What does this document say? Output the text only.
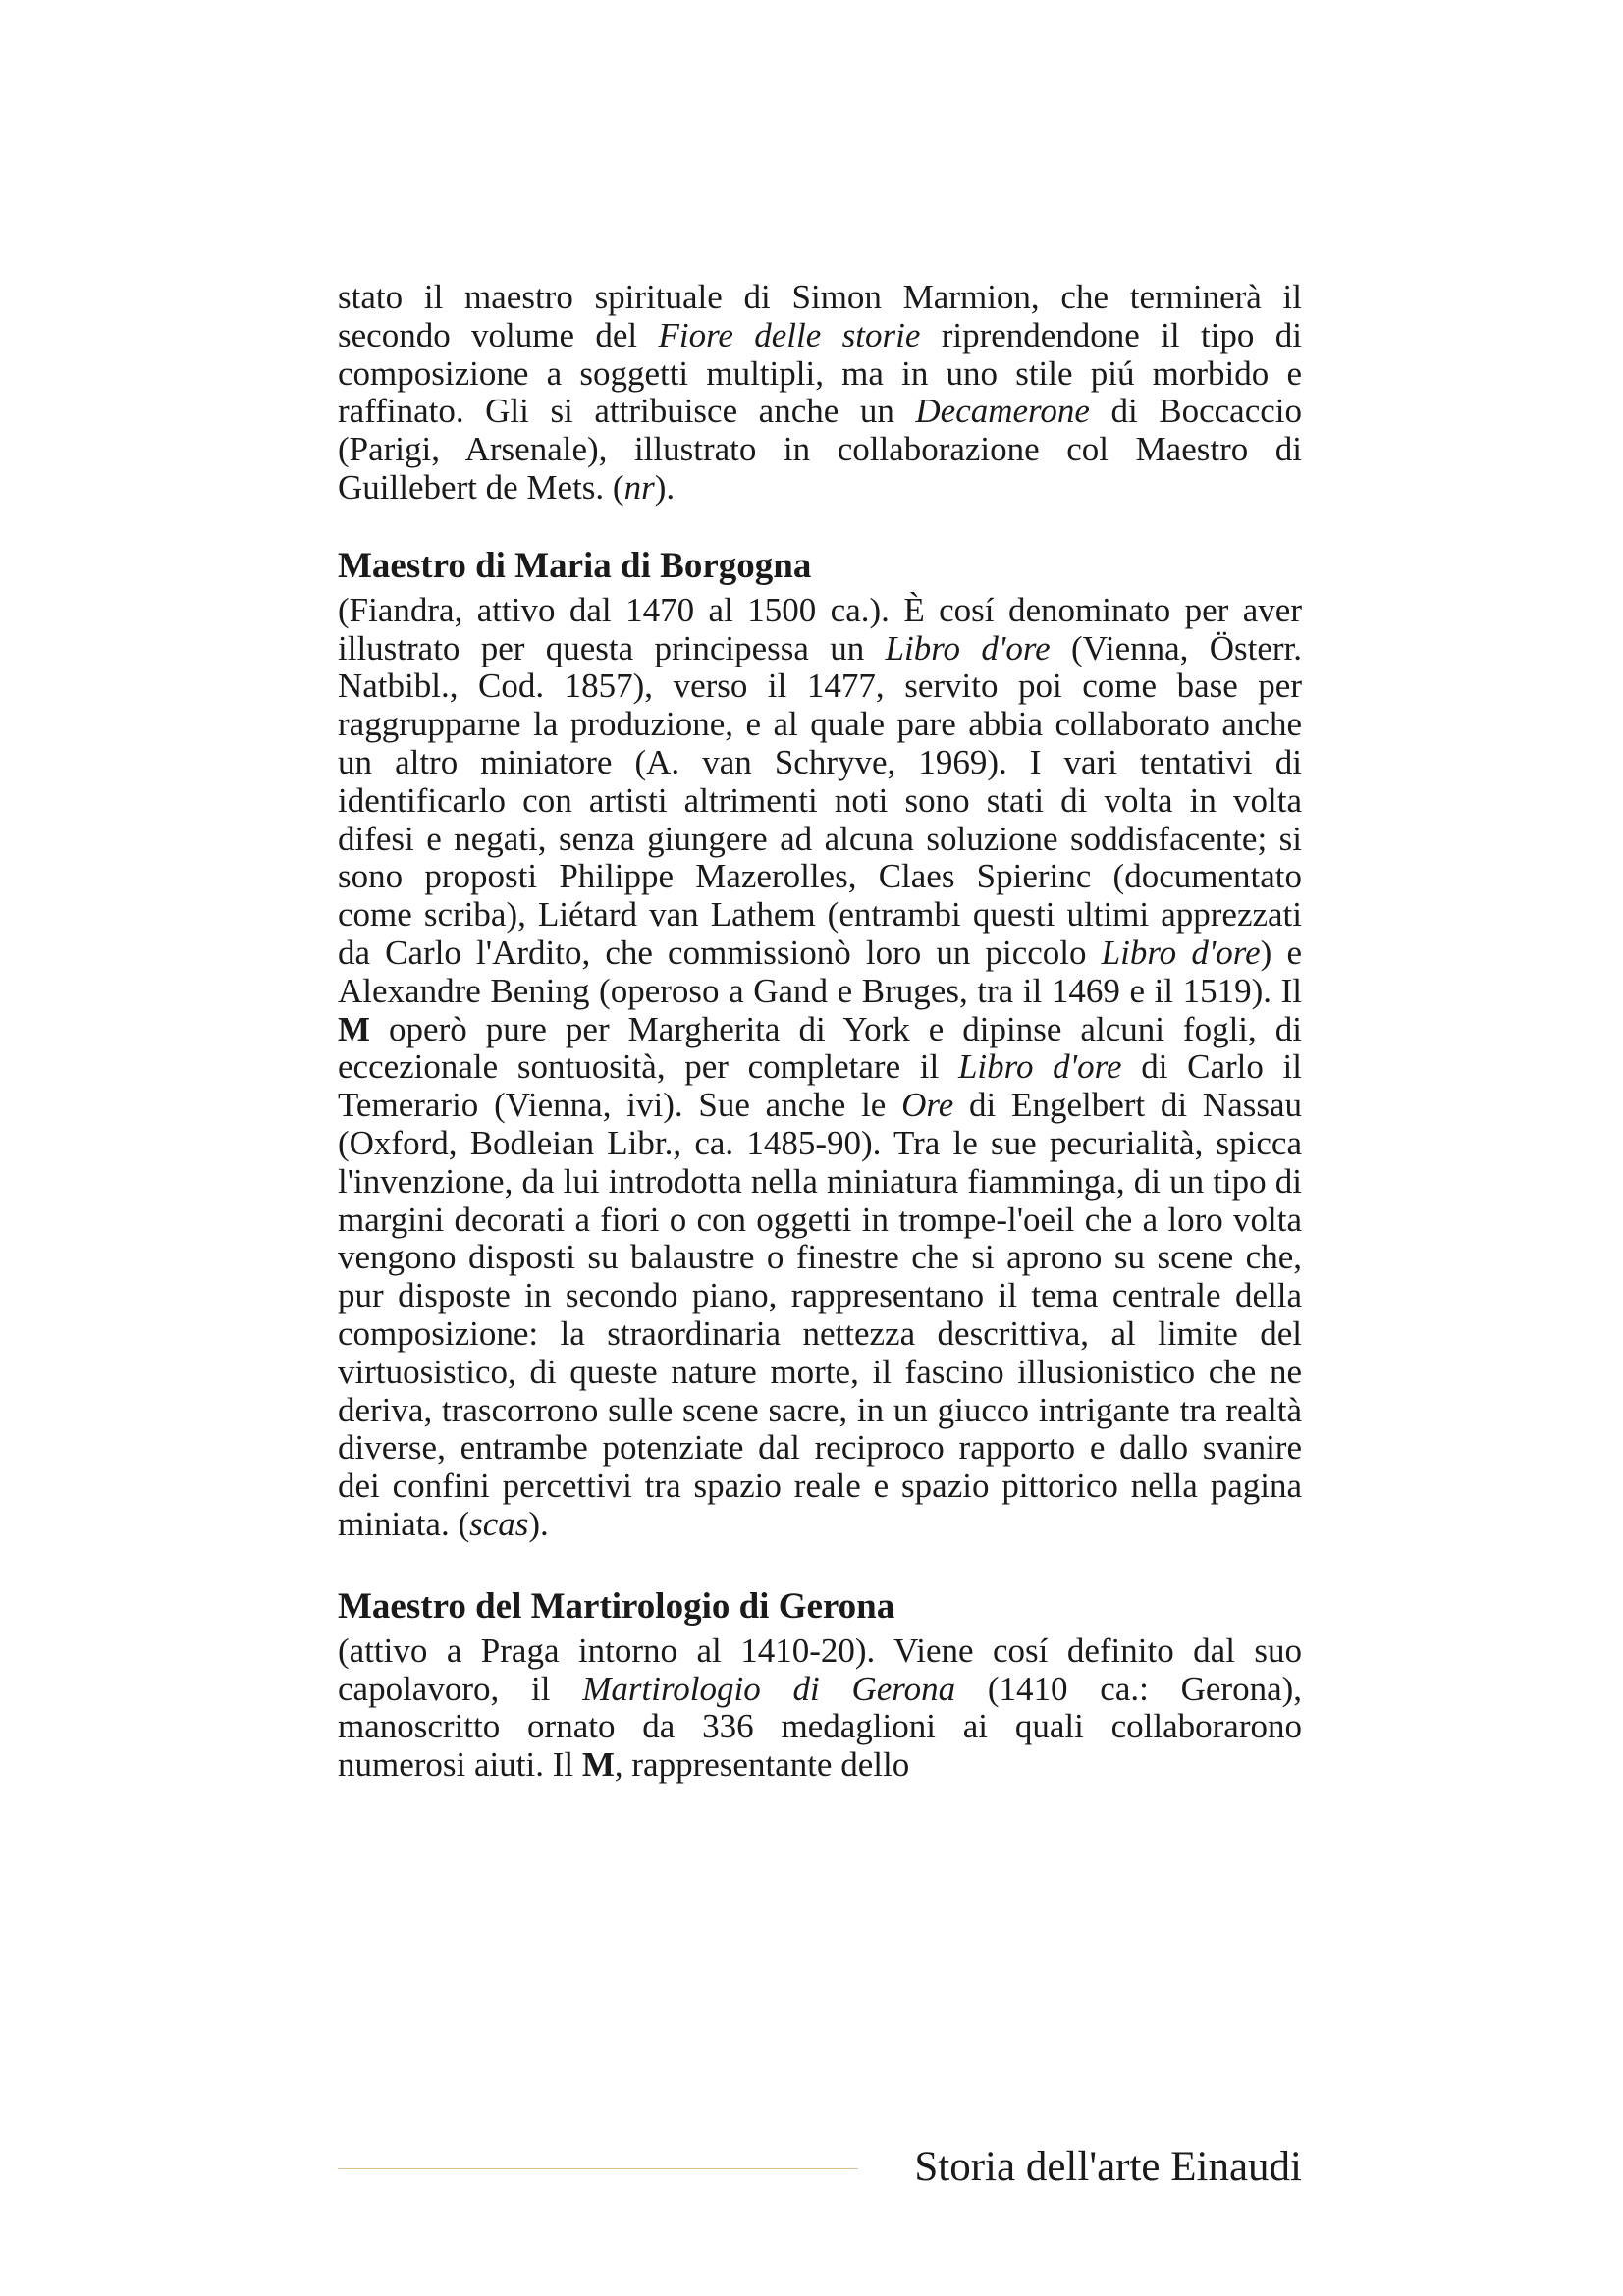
stato il maestro spirituale di Simon Marmion, che terminerà il secondo volume del Fiore delle storie riprendendone il tipo di composizione a soggetti multipli, ma in uno stile piú morbido e raffinato. Gli si attribuisce anche un Decamerone di Boccaccio (Parigi, Arsenale), illustrato in collaborazione col Maestro di Guillebert de Mets. (nr).

Maestro di Maria di Borgogna

(Fiandra, attivo dal 1470 al 1500 ca.). È cosí denominato per aver illustrato per questa principessa un Libro d'ore (Vienna, Österr. Natbibl., Cod. 1857), verso il 1477, servito poi come base per raggrupparne la produzione, e al quale pare abbia collaborato anche un altro miniatore (A. van Schryve, 1969). I vari tentativi di identificarlo con artisti altrimenti noti sono stati di volta in volta difesi e negati, senza giungere ad alcuna soluzione soddisfacente; si sono proposti Philippe Mazerolles, Claes Spierinc (documentato come scriba), Liétard van Lathem (entrambi questi ultimi apprezzati da Carlo l'Ardito, che commissionò loro un piccolo Libro d'ore) e Alexandre Bening (operoso a Gand e Bruges, tra il 1469 e il 1519). Il M operò pure per Margherita di York e dipinse alcuni fogli, di eccezionale sontuosità, per completare il Libro d'ore di Carlo il Temerario (Vienna, ivi). Sue anche le Ore di Engelbert di Nassau (Oxford, Bodleian Libr., ca. 1485-90). Tra le sue pecurialità, spicca l'invenzione, da lui introdotta nella miniatura fiamminga, di un tipo di margini decorati a fiori o con oggetti in trompe-l'oeil che a loro volta vengono disposti su balaustre o finestre che si aprono su scene che, pur disposte in secondo piano, rappresentano il tema centrale della composizione: la straordinaria nettezza descrittiva, al limite del virtuosistico, di queste nature morte, il fascino illusionistico che ne deriva, trascorrono sulle scene sacre, in un giucco intrigante tra realtà diverse, entrambe potenziate dal reciproco rapporto e dallo svanire dei confini percettivi tra spazio reale e spazio pittorico nella pagina miniata. (scas).

Maestro del Martirologio di Gerona

(attivo a Praga intorno al 1410-20). Viene cosí definito dal suo capolavoro, il Martirologio di Gerona (1410 ca.: Gerona), manoscritto ornato da 336 medaglioni ai quali collaborarono numerosi aiuti. Il M, rappresentante dello

Storia dell'arte Einaudi
